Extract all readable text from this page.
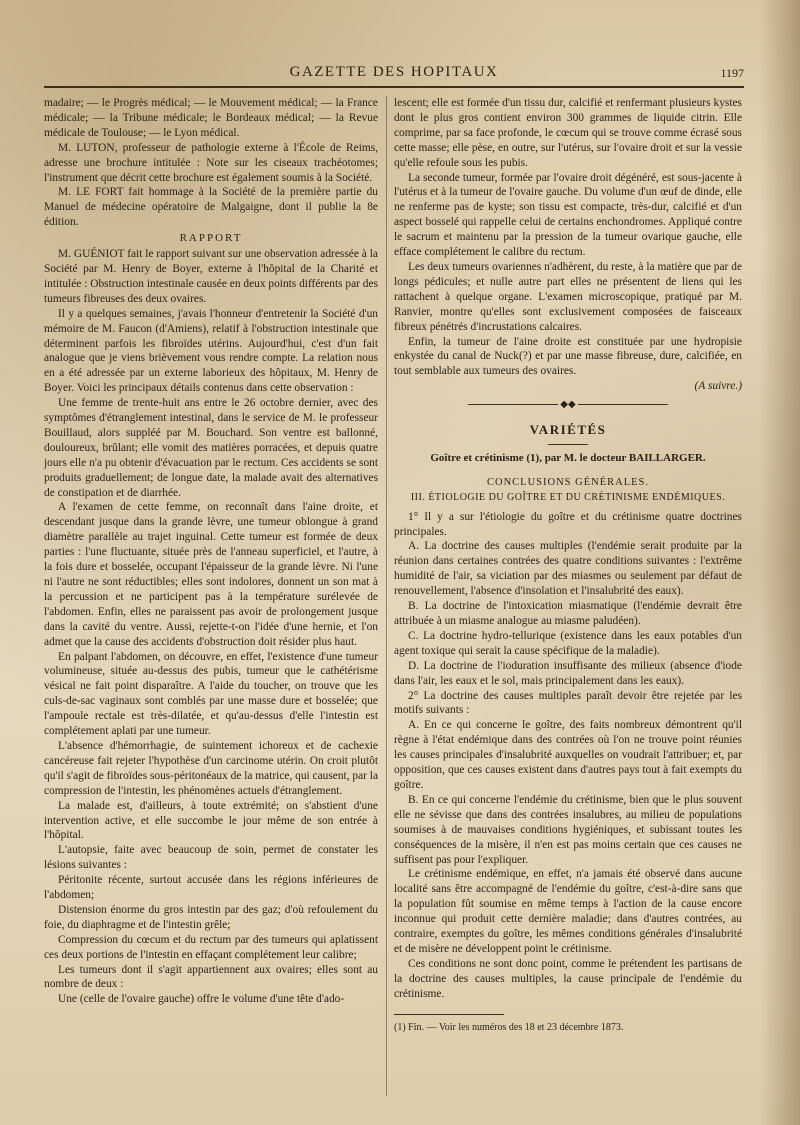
GAZETTE DES HOPITAUX	1197

madaire; — le Progrès médical; — le Mouvement médical; — la France médicale; — la Tribune médicale; le Bordeaux médical; — la Revue médicale de Toulouse; — le Lyon médical.

M. LUTON, professeur de pathologie externe à l'École de Reims, adresse une brochure intitulée : Note sur les ciseaux trachéotomes; l'instrument que décrit cette brochure est également soumis à la Société.

M. LE FORT fait hommage à la Société de la première partie du Manuel de médecine opératoire de Malgaigne, dont il publie la 8e édition.

RAPPORT

M. GUÉNIOT fait le rapport suivant sur une observation adressée à la Société par M. Henry de Boyer, externe à l'hôpital de la Charité et intitulée : Obstruction intestinale causée en deux points différents par des tumeurs fibreuses des deux ovaires.

Il y a quelques semaines, j'avais l'honneur d'entretenir la Société d'un mémoire de M. Faucon (d'Amiens), relatif à l'obstruction intestinale que déterminent parfois les fibroïdes utérins. Aujourd'hui, c'est d'un fait analogue que je viens brièvement vous rendre compte. La relation nous en a été adressée par un externe laborieux des hôpitaux, M. Henry de Boyer. Voici les principaux détails contenus dans cette observation :

Une femme de trente-huit ans entre le 26 octobre dernier, avec des symptômes d'étranglement intestinal, dans le service de M. le professeur Bouillaud, alors suppléé par M. Bouchard. Son ventre est ballonné, douloureux, brûlant; elle vomit des matières porracées, et depuis quatre jours elle n'a pu obtenir d'évacuation par le rectum. Ces accidents se sont produits graduellement; de longue date, la malade avait des alternatives de constipation et de diarrhée.

A l'examen de cette femme, on reconnaît dans l'aine droite, et descendant jusque dans la grande lèvre, une tumeur oblongue à grand diamètre parallèle au trajet inguinal. Cette tumeur est formée de deux parties : l'une fluctuante, située près de l'anneau superficiel, et l'autre, à la fois dure et bosselée, occupant l'épaisseur de la grande lèvre. Ni l'une ni l'autre ne sont réductibles; elles sont indolores, donnent un son mat à la percussion et ne participent pas à la température surélevée de l'abdomen. Enfin, elles ne paraissent pas avoir de prolongement jusque dans la cavité du ventre. Aussi, rejette-t-on l'idée d'une hernie, et l'on admet que la cause des accidents d'obstruction doit résider plus haut.

En palpant l'abdomen, on découvre, en effet, l'existence d'une tumeur volumineuse, située au-dessus des pubis, tumeur que le cathétérisme vésical ne fait point disparaître. A l'aide du toucher, on trouve que les culs-de-sac vaginaux sont comblés par une masse dure et bosselée; que l'ampoule rectale est très-dilatée, et qu'au-dessus d'elle l'intestin est complétement aplati par une tumeur.

L'absence d'hémorrhagie, de suintement ichoreux et de cachexie cancéreuse fait rejeter l'hypothèse d'un carcinome utérin. On croit plutôt qu'il s'agit de fibroïdes sous-péritonéaux de la matrice, qui causent, par la compression de l'intestin, les phénomènes actuels d'étranglement.

La malade est, d'ailleurs, à toute extrémité; on s'abstient d'une intervention active, et elle succombe le jour même de son entrée à l'hôpital.

L'autopsie, faite avec beaucoup de soin, permet de constater les lésions suivantes :

Péritonite récente, surtout accusée dans les régions inférieures de l'abdomen;

Distension énorme du gros intestin par des gaz; d'où refoulement du foie, du diaphragme et de l'intestin grêle;

Compression du cœcum et du rectum par des tumeurs qui aplatissent ces deux portions de l'intestin en effaçant complétement leur calibre;

Les tumeurs dont il s'agit appartiennent aux ovaires; elles sont au nombre de deux :

Une (celle de l'ovaire gauche) offre le volume d'une tête d'ado-

lescent; elle est formée d'un tissu dur, calcifié et renfermant plusieurs kystes dont le plus gros contient environ 300 grammes de liquide citrin. Elle comprime, par sa face profonde, le cœcum qui se trouve comme écrasé sous cette masse; elle pèse, en outre, sur l'utérus, sur l'ovaire droit et sur la vessie qu'elle refoule sous les pubis.

La seconde tumeur, formée par l'ovaire droit dégénéré, est sous-jacente à l'utérus et à la tumeur de l'ovaire gauche. Du volume d'un œuf de dinde, elle ne renferme pas de kyste; son tissu est compacte, très-dur, calcifié et d'un aspect bosselé qui rappelle celui de certains enchondromes. Appliqué contre le sacrum et maintenu par la pression de la tumeur ovarique gauche, elle efface complétement le calibre du rectum.

Les deux tumeurs ovariennes n'adhèrent, du reste, à la matière que par de longs pédicules; et nulle autre part elles ne présentent de liens qui les rattachent à quelque organe. L'examen microscopique, pratiqué par M. Ranvier, montre qu'elles sont exclusivement composées de faisceaux fibreux pénétrés d'incrustations calcaires.

Enfin, la tumeur de l'aine droite est constituée par une hydropisie enkystée du canal de Nuck(?) et par une masse fibreuse, dure, calcifiée, en tout semblable aux tumeurs des ovaires.

(A suivre.)

◆◆

VARIÉTÉS

Goître et crétinisme (1), par M. le docteur BAILLARGER.

CONCLUSIONS GÉNÉRALES.

III. ÉTIOLOGIE DU GOÎTRE ET DU CRÉTINISME ENDÉMIQUES.

1° Il y a sur l'étiologie du goître et du crétinisme quatre doctrines principales.

A. La doctrine des causes multiples (l'endémie serait produite par la réunion dans certaines contrées des quatre conditions suivantes : l'extrême humidité de l'air, sa viciation par des miasmes ou seulement par défaut de renouvellement, l'absence d'insolation et l'insalubrité des eaux).

B. La doctrine de l'intoxication miasmatique (l'endémie devrait être attribuée à un miasme analogue au miasme paludéen).

C. La doctrine hydro-tellurique (existence dans les eaux potables d'un agent toxique qui serait la cause spécifique de la maladie).

D. La doctrine de l'ioduration insuffisante des milieux (absence d'iode dans l'air, les eaux et le sol, mais principalement dans les eaux).

2° La doctrine des causes multiples paraît devoir être rejetée par les motifs suivants :

A. En ce qui concerne le goître, des faits nombreux démontrent qu'il règne à l'état endémique dans des contrées où l'on ne trouve point réunies les causes principales d'insalubrité auxquelles on voudrait l'attribuer; et, par opposition, que ces causes existent dans d'autres pays tout à fait exempts du goître.

B. En ce qui concerne l'endémie du crétinisme, bien que le plus souvent elle ne sévisse que dans des contrées insalubres, au milieu de populations soumises à de mauvaises conditions hygiéniques, et subissant toutes les conséquences de la misère, il n'en est pas moins certain que ces causes ne suffisent pas pour l'expliquer.

Le crétinisme endémique, en effet, n'a jamais été observé dans aucune localité sans être accompagné de l'endémie du goître, c'est-à-dire sans que la population fût soumise en même temps à l'action de la cause encore inconnue qui produit cette dernière maladie; dans d'autres contrées, au contraire, exemptes du goître, les mêmes conditions générales d'insalubrité et de misère ne développent point le crétinisme.

Ces conditions ne sont donc point, comme le prétendent les partisans de la doctrine des causes multiples, la cause principale de l'endémie du crétinisme.

(1) Fin. — Voir les numéros des 18 et 23 décembre 1873.
